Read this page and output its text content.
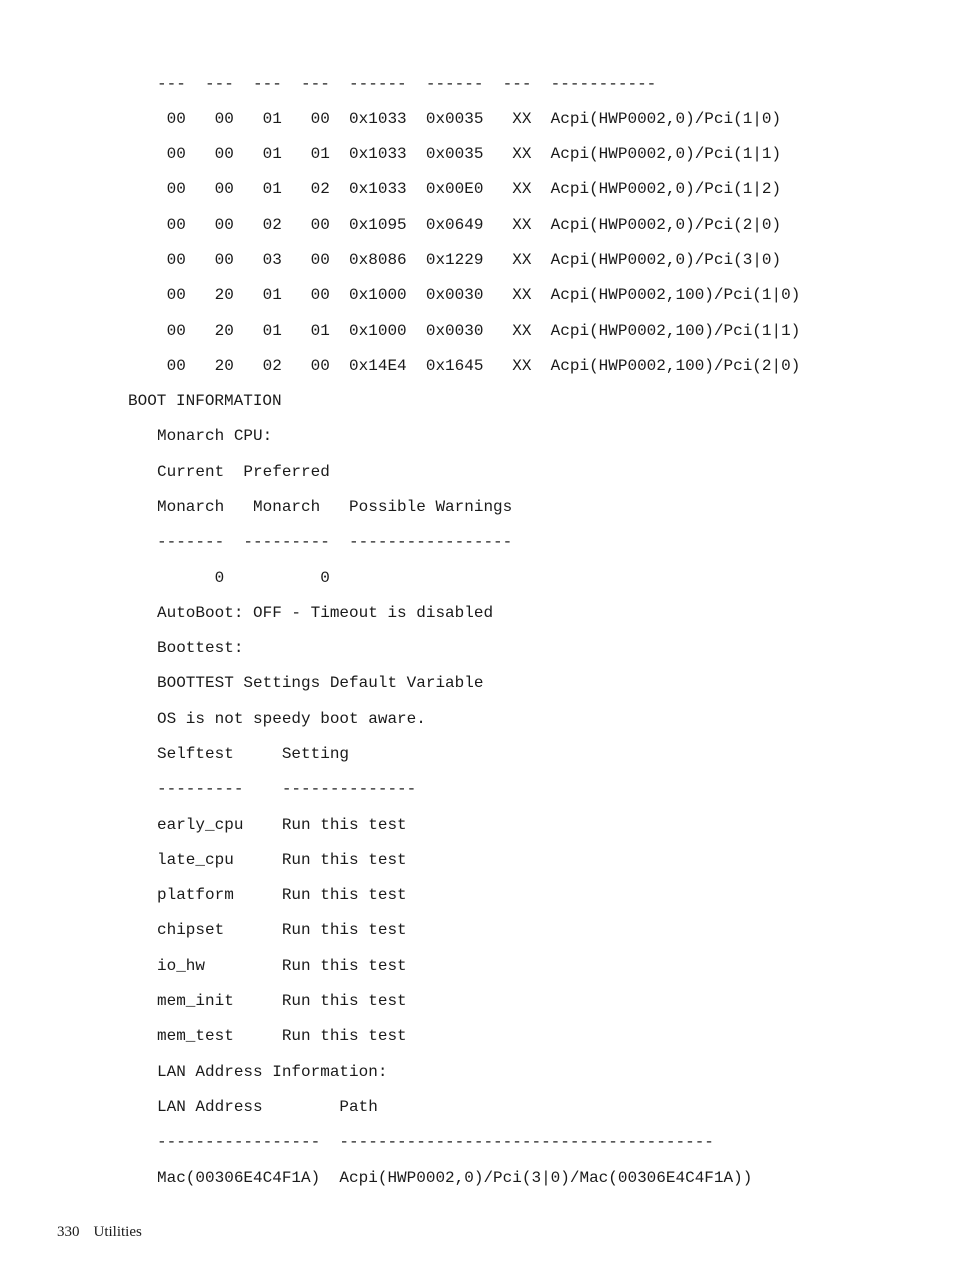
---  ---  ---  ---  ------  ------  ---  -----------
00   00   01   00  0x1033  0x0035   XX  Acpi(HWP0002,0)/Pci(1|0)
00   00   01   01  0x1033  0x0035   XX  Acpi(HWP0002,0)/Pci(1|1)
00   00   01   02  0x1033  0x00E0   XX  Acpi(HWP0002,0)/Pci(1|2)
00   00   02   00  0x1095  0x0649   XX  Acpi(HWP0002,0)/Pci(2|0)
00   00   03   00  0x8086  0x1229   XX  Acpi(HWP0002,0)/Pci(3|0)
00   20   01   00  0x1000  0x0030   XX  Acpi(HWP0002,100)/Pci(1|0)
00   20   01   01  0x1000  0x0030   XX  Acpi(HWP0002,100)/Pci(1|1)
00   20   02   00  0x14E4  0x1645   XX  Acpi(HWP0002,100)/Pci(2|0)
BOOT INFORMATION
Monarch CPU:
Current  Preferred
Monarch   Monarch   Possible Warnings
-------  ---------  -----------------
0          0
AutoBoot: OFF - Timeout is disabled
Boottest:
BOOTTEST Settings Default Variable
OS is not speedy boot aware.
Selftest     Setting
---------    --------------
early_cpu    Run this test
late_cpu     Run this test
platform     Run this test
chipset      Run this test
io_hw        Run this test
mem_init     Run this test
mem_test     Run this test
LAN Address Information:
LAN Address        Path
-----------------  ---------------------------------------
Mac(00306E4C4F1A)  Acpi(HWP0002,0)/Pci(3|0)/Mac(00306E4C4F1A))
330 Utilities
